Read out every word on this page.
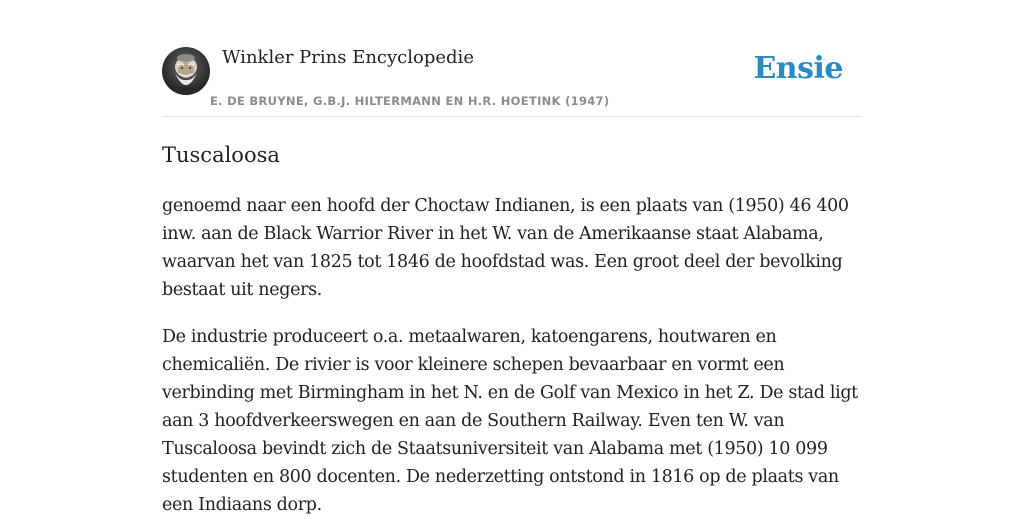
Winkler Prins Encyclopedie
E. DE BRUYNE, G.B.J. HILTERMANN EN H.R. HOETINK (1947)
Ensie
Tuscaloosa

genoemd naar een hoofd der Choctaw Indianen, is een plaats van (1950) 46 400 inw. aan de Black Warrior River in het W. van de Amerikaanse staat Alabama, waarvan het van 1825 tot 1846 de hoofdstad was. Een groot deel der bevolking bestaat uit negers.

De industrie produceert o.a. metaalwaren, katoengarens, houtwaren en chemicaliën. De rivier is voor kleinere schepen bevaarbaar en vormt een verbinding met Birmingham in het N. en de Golf van Mexico in het Z. De stad ligt aan 3 hoofdverkeerswegen en aan de Southern Railway. Even ten W. van Tuscaloosa bevindt zich de Staatsuniversiteit van Alabama met (1950) 10 099 studenten en 800 docenten. De nederzetting ontstond in 1816 op de plaats van een Indiaans dorp.
